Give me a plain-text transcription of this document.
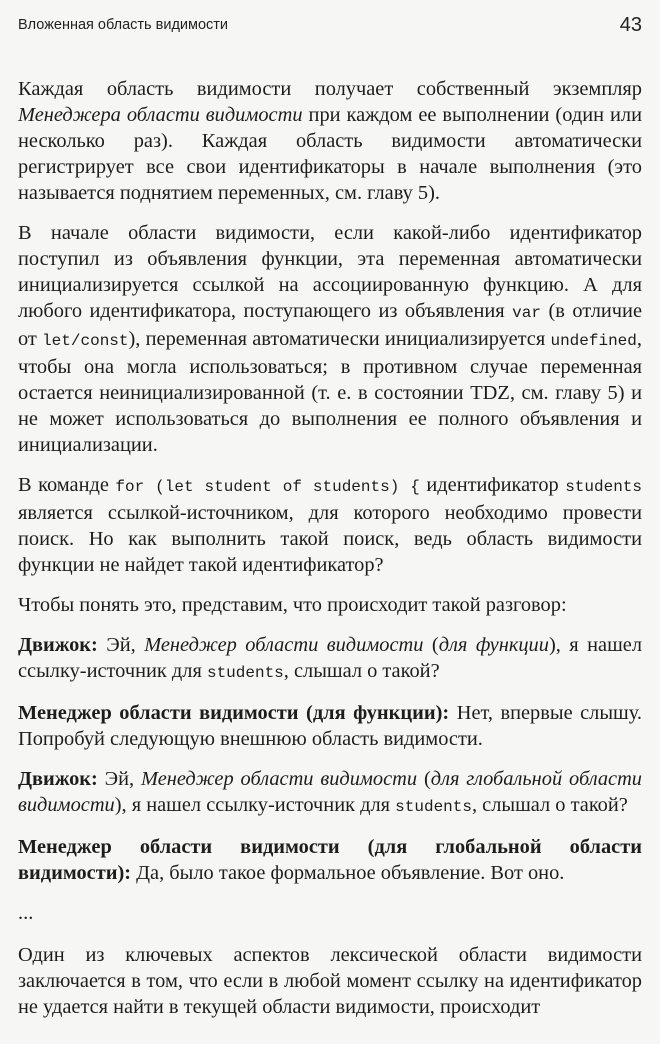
Вложенная область видимости	43

Каждая область видимости получает собственный экземпляр Менеджера области видимости при каждом ее выполнении (один или несколько раз). Каждая область видимости автоматически регистрирует все свои идентификаторы в начале выполнения (это называется поднятием переменных, см. главу 5).

В начале области видимости, если какой-либо идентификатор поступил из объявления функции, эта переменная автоматически инициализируется ссылкой на ассоциированную функцию. А для любого идентификатора, поступающего из объявления var (в отличие от let/const), переменная автоматически инициализируется undefined, чтобы она могла использоваться; в противном случае переменная остается неинициализированной (т. е. в состоянии TDZ, см. главу 5) и не может использоваться до выполнения ее полного объявления и инициализации.

В команде for (let student of students) { идентификатор students является ссылкой-источником, для которого необходимо провести поиск. Но как выполнить такой поиск, ведь область видимости функции не найдет такой идентификатор?

Чтобы понять это, представим, что происходит такой разговор:

Движок: Эй, Менеджер области видимости (для функции), я нашел ссылку-источник для students, слышал о такой?

Менеджер области видимости (для функции): Нет, впервые слышу. Попробуй следующую внешнюю область видимости.

Движок: Эй, Менеджер области видимости (для глобальной области видимости), я нашел ссылку-источник для students, слышал о такой?

Менеджер области видимости (для глобальной области видимости): Да, было такое формальное объявление. Вот оно.

...

Один из ключевых аспектов лексической области видимости заключается в том, что если в любой момент ссылку на идентификатор не удается найти в текущей области видимости, происходит
